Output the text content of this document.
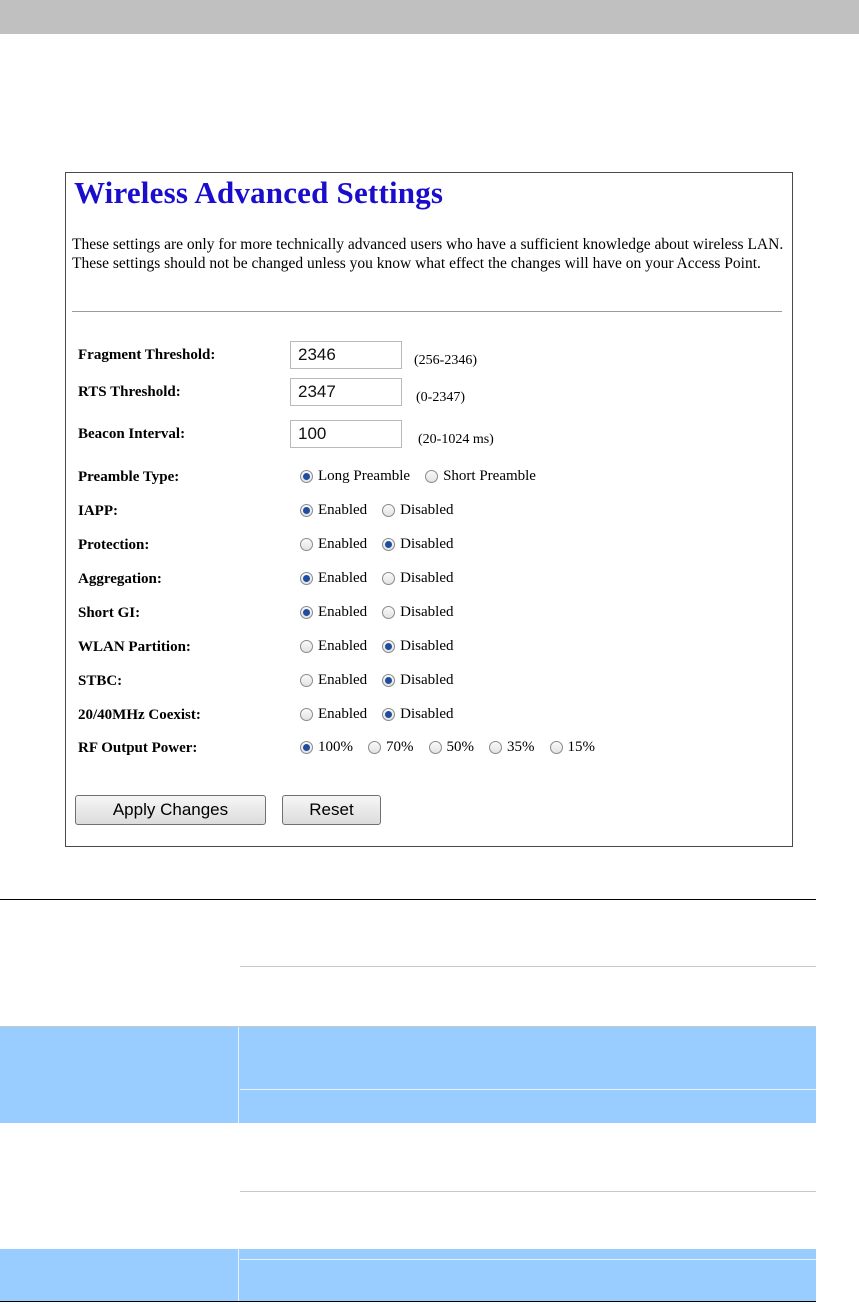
Wireless Advanced Settings
These settings are only for more technically advanced users who have a sufficient knowledge about wireless LAN. These settings should not be changed unless you know what effect the changes will have on your Access Point.
Fragment Threshold:	2346	(256-2346)
RTS Threshold:	2347	(0-2347)
Beacon Interval:	100	(20-1024 ms)
Preamble Type:	Long Preamble Short Preamble
IAPP:	Enabled Disabled
Protection:	Enabled Disabled
Aggregation:	Enabled Disabled
Short GI:	Enabled Disabled
WLAN Partition:	Enabled Disabled
STBC:	Enabled Disabled
20/40MHz Coexist:	Enabled Disabled
RF Output Power:	100% 70% 50% 35% 15%
Apply Changes	Reset
